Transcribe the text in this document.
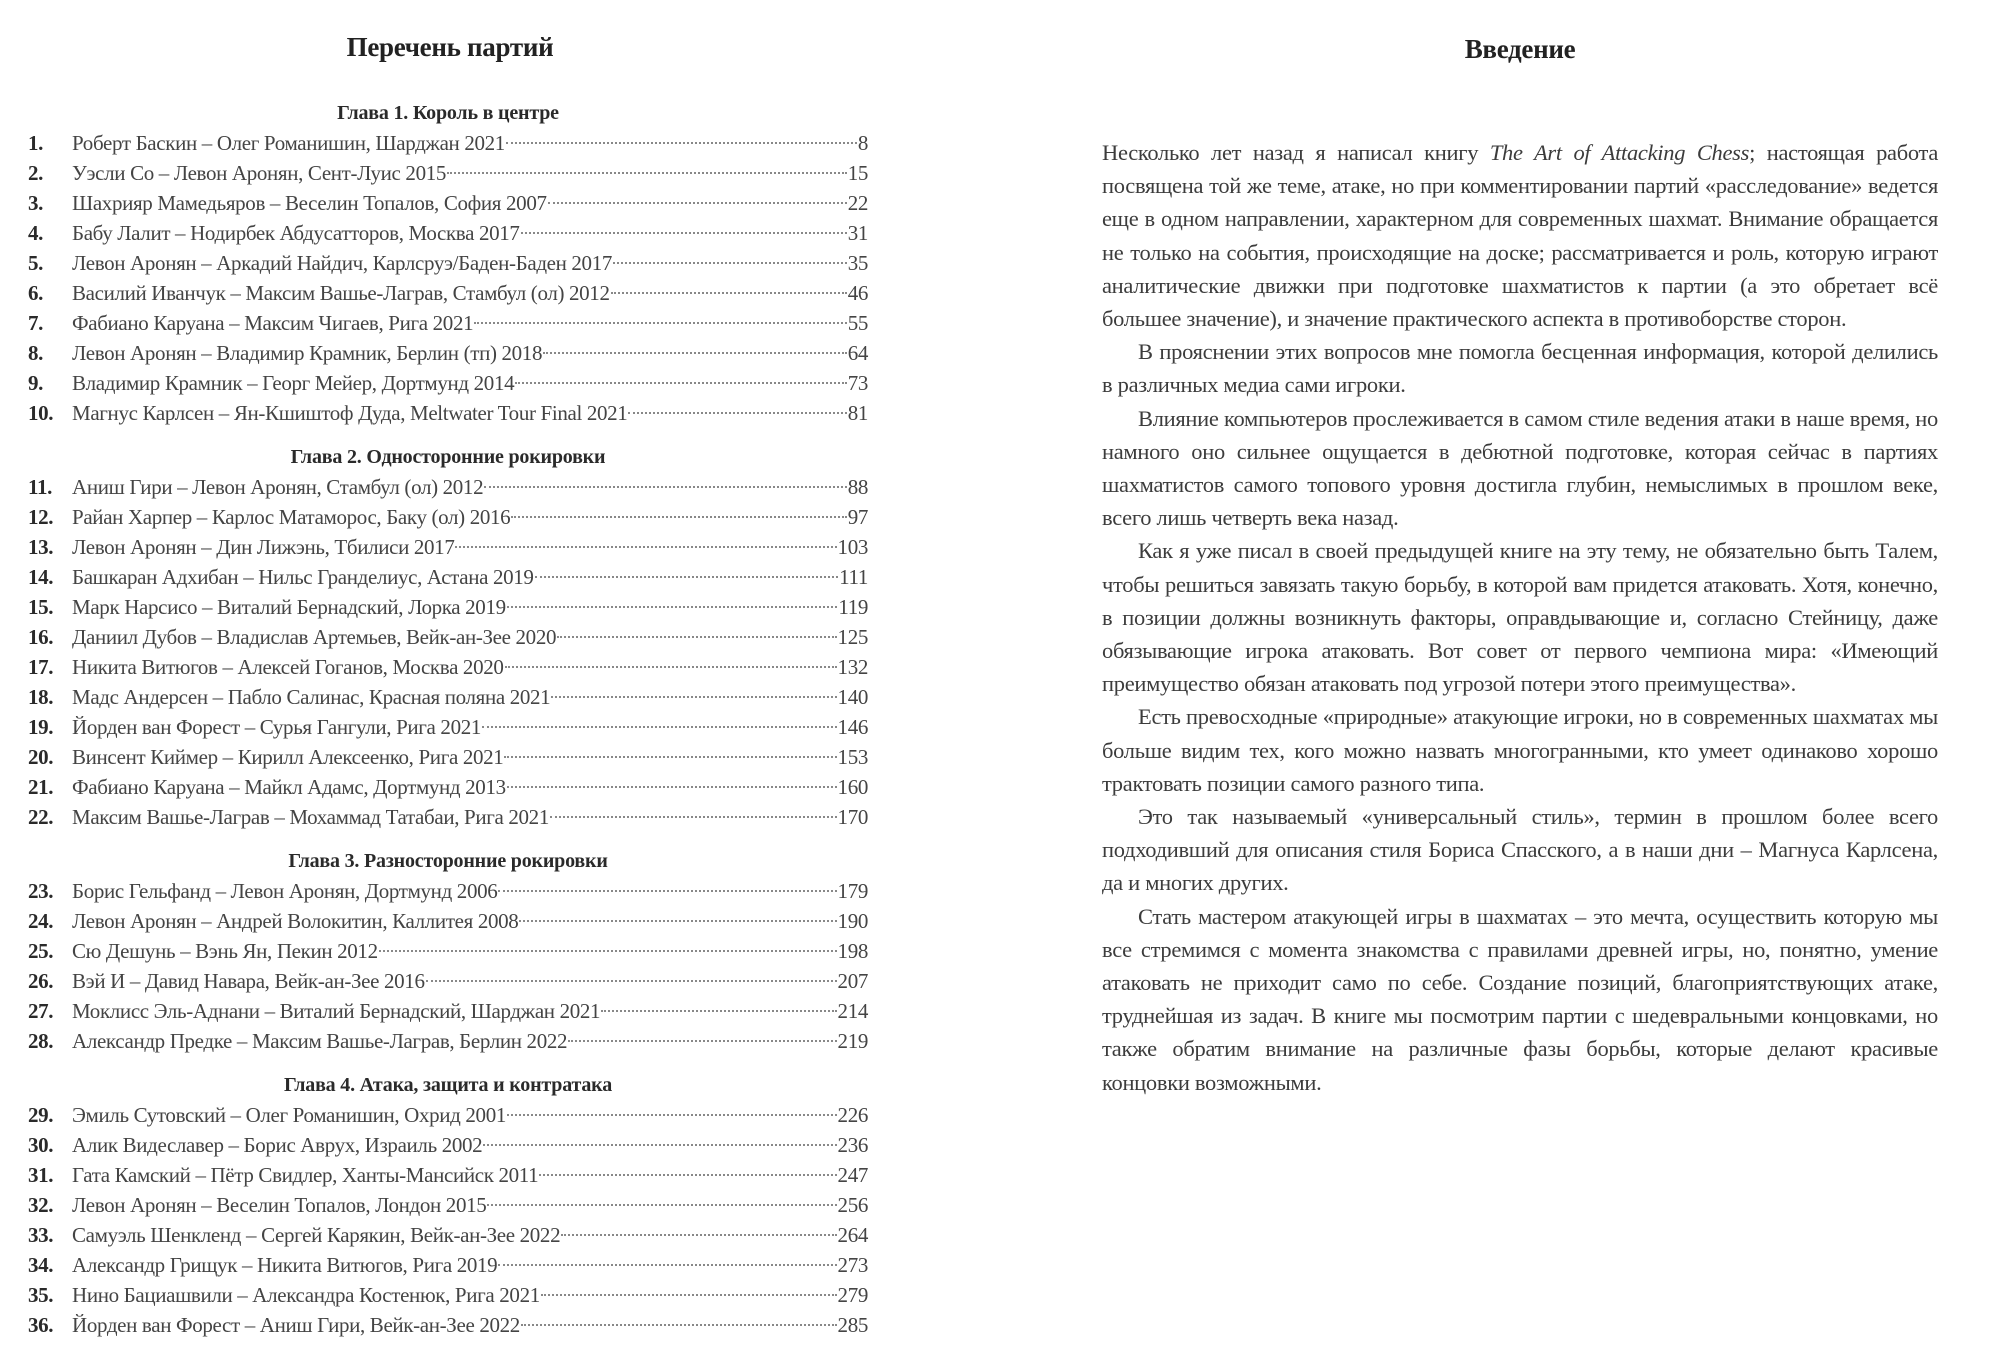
Перечень партий
Глава 1. Король в центре
1.	Роберт Баскин – Олег Романишин, Шарджан 2021	8
2.	Уэсли Со – Левон Аронян, Сент-Луис 2015	15
3.	Шахрияр Мамедьяров – Веселин Топалов, София 2007	22
4.	Бабу Лалит – Нодирбек Абдусатторов, Москва 2017	31
5.	Левон Аронян – Аркадий Найдич, Карлсруэ/Баден-Баден 2017	35
6.	Василий Иванчук – Максим Вашье-Лаграв, Стамбул (ол) 2012	46
7.	Фабиано Каруана – Максим Чигаев, Рига 2021	55
8.	Левон Аронян – Владимир Крамник, Берлин (тп) 2018	64
9.	Владимир Крамник – Георг Мейер, Дортмунд 2014	73
10. Магнус Карлсен – Ян-Кшиштоф Дуда, Meltwater Tour Final 2021	81
Глава 2. Односторонние рокировки
11. Аниш Гири – Левон Аронян, Стамбул (ол) 2012	88
12. Райан Харпер – Карлос Матаморос, Баку (ол) 2016	97
13. Левон Аронян – Дин Лижэнь, Тбилиси 2017	103
14. Башкаран Адхибан – Нильс Гранделиус, Астана 2019	111
15. Марк Нарсисо – Виталий Бернадский, Лорка 2019	119
16. Даниил Дубов – Владислав Артемьев, Вейк-ан-Зее 2020	125
17. Никита Витюгов – Алексей Гоганов, Москва 2020	132
18. Мадс Андерсен – Пабло Салинас, Красная поляна 2021	140
19. Йорден ван Форест – Сурья Гангули, Рига 2021	146
20. Винсент Киймер – Кирилл Алексеенко, Рига 2021	153
21. Фабиано Каруана – Майкл Адамс, Дортмунд 2013	160
22. Максим Вашье-Лаграв – Мохаммад Татабаи, Рига 2021	170
Глава 3. Разносторонние рокировки
23. Борис Гельфанд – Левон Аронян, Дортмунд 2006	179
24. Левон Аронян – Андрей Волокитин, Каллитея 2008	190
25. Сю Дешунь – Вэнь Ян, Пекин 2012	198
26. Вэй И – Давид Навара, Вейк-ан-Зее 2016	207
27. Моклисс Эль-Аднани – Виталий Бернадский, Шарджан 2021	214
28. Александр Предке – Максим Вашье-Лаграв, Берлин 2022	219
Глава 4. Атака, защита и контратака
29. Эмиль Сутовский – Олег Романишин, Охрид 2001	226
30. Алик Видеславер – Борис Аврух, Израиль 2002	236
31. Гата Камский – Пётр Свидлер, Ханты-Мансийск 2011	247
32. Левон Аронян – Веселин Топалов, Лондон 2015	256
33. Самуэль Шенкленд – Сергей Карякин, Вейк-ан-Зее 2022	264
34. Александр Грищук – Никита Витюгов, Рига 2019	273
35. Нино Бациашвили – Александра Костенюк, Рига 2021	279
36. Йорден ван Форест – Аниш Гири, Вейк-ан-Зее 2022	285
Введение

Несколько лет назад я написал книгу The Art of Attacking Chess; настоящая работа посвящена той же теме, атаке, но при комментировании партий «расследование» ведется еще в одном направлении, характерном для современных шахмат. Внимание обращается не только на события, происходящие на доске; рассматривается и роль, которую играют аналитические движки при подготовке шахматистов к партии (а это обретает всё большее значение), и значение практического аспекта в противоборстве сторон.

В прояснении этих вопросов мне помогла бесценная информация, которой делились в различных медиа сами игроки.

Влияние компьютеров прослеживается в самом стиле ведения атаки в наше время, но намного оно сильнее ощущается в дебютной подготовке, которая сейчас в партиях шахматистов самого топового уровня достигла глубин, немыслимых в прошлом веке, всего лишь четверть века назад.

Как я уже писал в своей предыдущей книге на эту тему, не обязательно быть Талем, чтобы решиться завязать такую борьбу, в которой вам придется атаковать. Хотя, конечно, в позиции должны возникнуть факторы, оправдывающие и, согласно Стейницу, даже обязывающие игрока атаковать. Вот совет от первого чемпиона мира: «Имеющий преимущество обязан атаковать под угрозой потери этого преимущества».

Есть превосходные «природные» атакующие игроки, но в современных шахматах мы больше видим тех, кого можно назвать многогранными, кто умеет одинаково хорошо трактовать позиции самого разного типа.

Это так называемый «универсальный стиль», термин в прошлом более всего подходивший для описания стиля Бориса Спасского, а в наши дни – Магнуса Карлсена, да и многих других.

Стать мастером атакующей игры в шахматах – это мечта, осуществить которую мы все стремимся с момента знакомства с правилами древней игры, но, понятно, умение атаковать не приходит само по себе. Создание позиций, благоприятствующих атаке, труднейшая из задач. В книге мы посмотрим партии с шедевральными концовками, но также обратим внимание на различные фазы борьбы, которые делают красивые концовки возможными.
